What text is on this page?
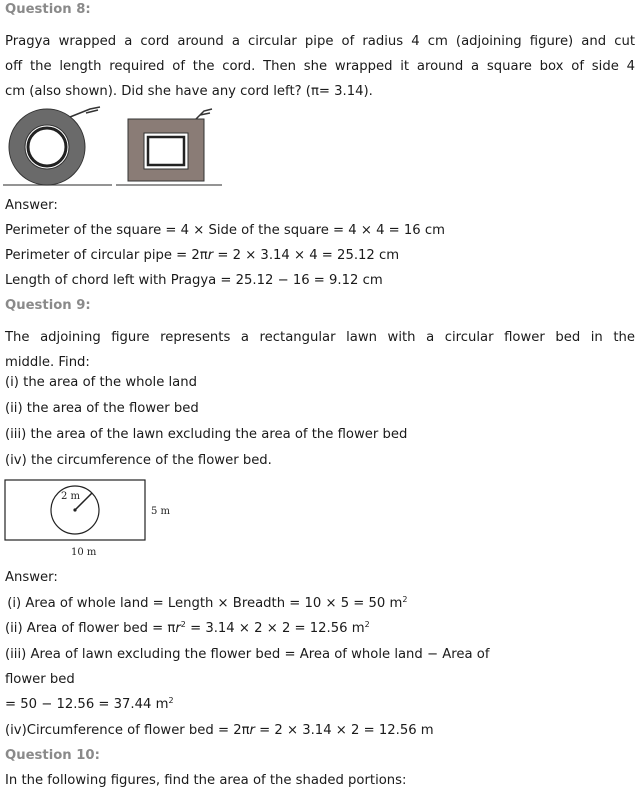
Question 8:
Pragya wrapped a cord around a circular pipe of radius 4 cm (adjoining figure) and cut
off the length required of the cord. Then she wrapped it around a square box of side 4
cm (also shown). Did she have any cord left? (π= 3.14).
Answer:
Perimeter of the square = 4 × Side of the square = 4 × 4 = 16 cm
Perimeter of circular pipe = 2πr = 2 × 3.14 × 4 = 25.12 cm
Length of chord left with Pragya = 25.12 − 16 = 9.12 cm
Question 9:
The adjoining figure represents a rectangular lawn with a circular flower bed in the
middle. Find:
(i) the area of the whole land
(ii) the area of the flower bed
(iii) the area of the lawn excluding the area of the flower bed
(iv) the circumference of the flower bed.
2 m
5 m
10 m
Answer:
(i) Area of whole land = Length × Breadth = 10 × 5 = 50 $m^2$
(ii) Area of flower bed = $\pi r^2 = 3.14 \times 2 \times 2 = 12.56$ $m^2$
(iii) Area of lawn excluding the flower bed = Area of whole land − Area of
flower bed
= 50 − 12.56 = 37.44 $m^2$
(iv)Circumference of flower bed = 2πr = 2 × 3.14 × 2 = 12.56 m
Question 10:
In the following figures, find the area of the shaded portions:
